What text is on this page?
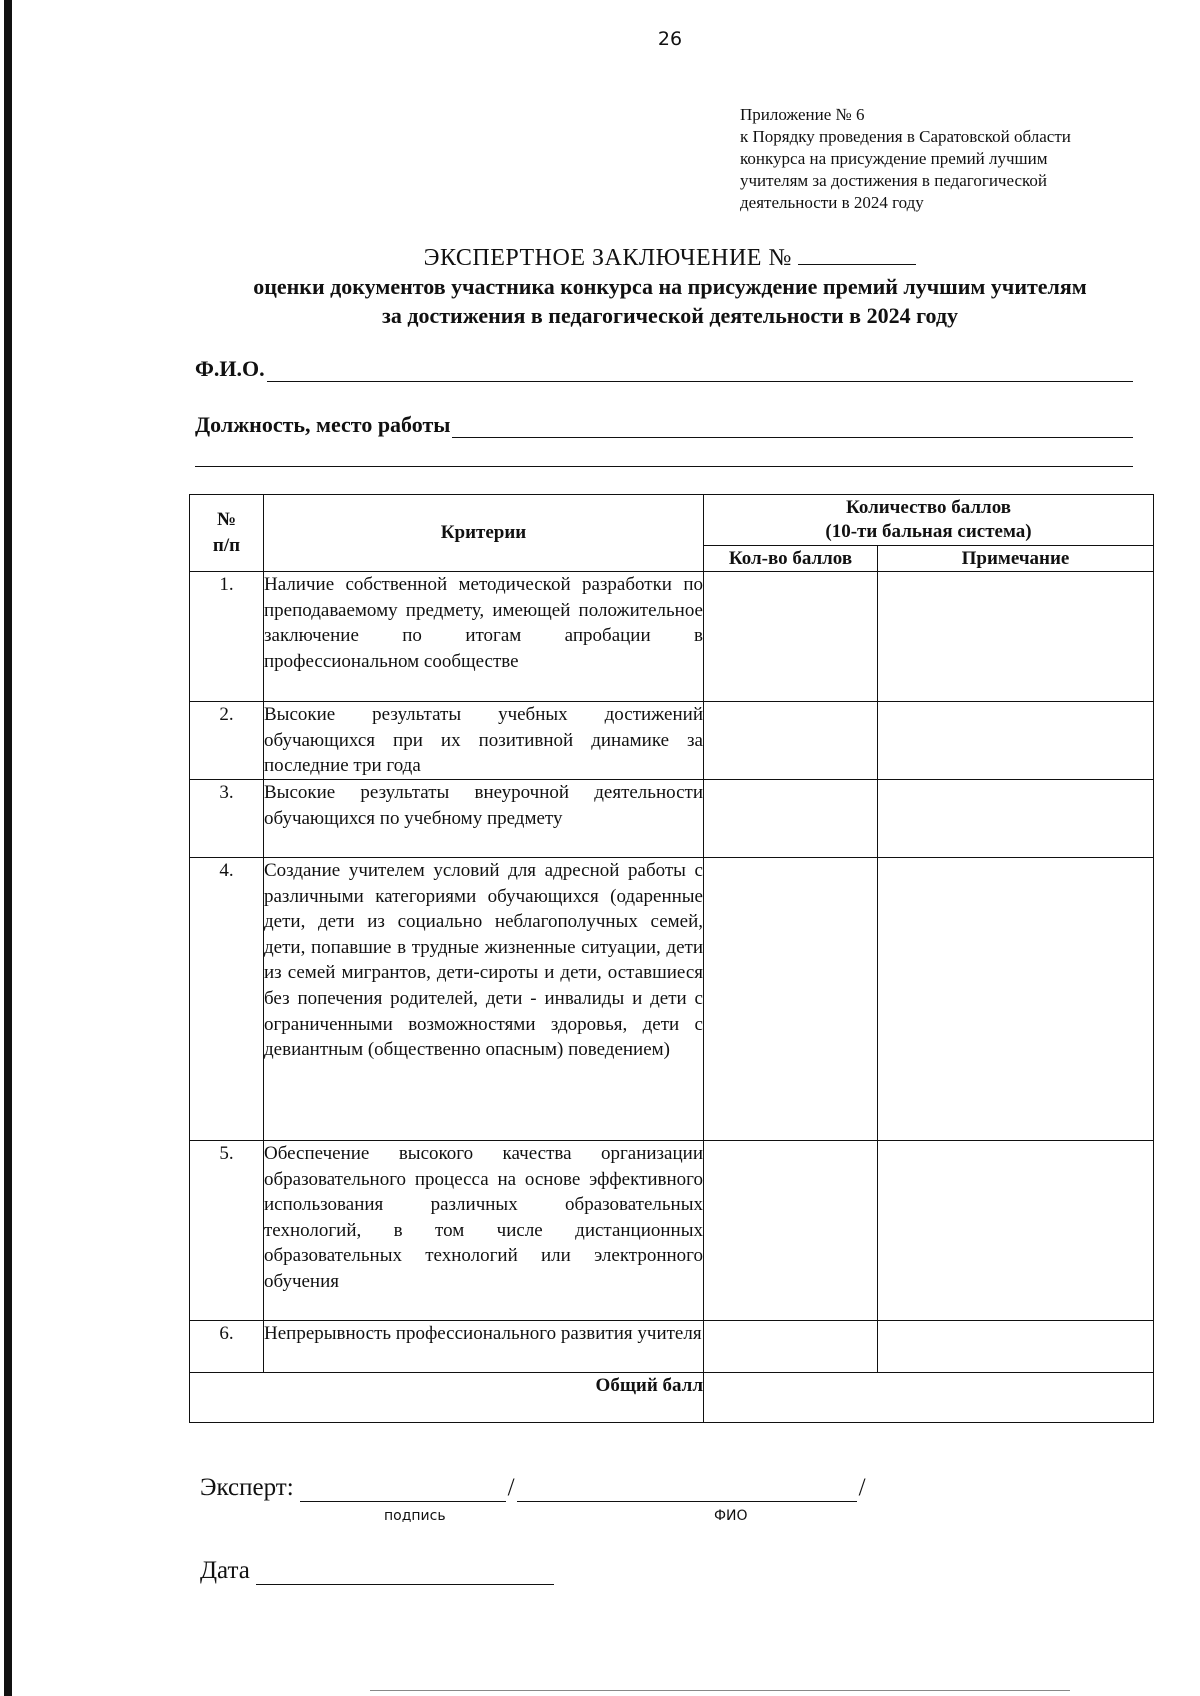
26
Приложение № 6
к Порядку проведения в Саратовской области
конкурса на присуждение премий лучшим
учителям за достижения в педагогической
деятельности в 2024 году
ЭКСПЕРТНОЕ ЗАКЛЮЧЕНИЕ №
оценки документов участника конкурса на присуждение премий лучшим учителям
за достижения в педагогической деятельности в 2024 году
Ф.И.О.
Должность, место работы
№ п/п	Критерии	Количество баллов
(10-ти бальная система)	

		Кол-во баллов	Примечание
1.	Наличие собственной методической разработки по преподаваемому предмету, имеющей положительное заключение по итогам апробации в профессиональном сообществе		
2.	Высокие результаты учебных достижений обучающихся при их позитивной динамике за последние три года		
3.	Высокие результаты внеурочной деятельности обучающихся по учебному предмету		
4.	Создание учителем условий для адресной работы с различными категориями обучающихся (одаренные дети, дети из социально неблагополучных семей, дети, попавшие в трудные жизненные ситуации, дети из семей мигрантов, дети-сироты и дети, оставшиеся без попечения родителей, дети - инвалиды и дети с ограниченными возможностями здоровья, дети с девиантным (общественно опасным) поведением)		
5.	Обеспечение высокого качества организации образовательного процесса на основе эффективного использования различных образовательных технологий, в том числе дистанционных образовательных технологий или электронного обучения		
6.	Непрерывность профессионального развития учителя		
Общий балл			
Эксперт:	/	/
подпись	ФИО
Дата
